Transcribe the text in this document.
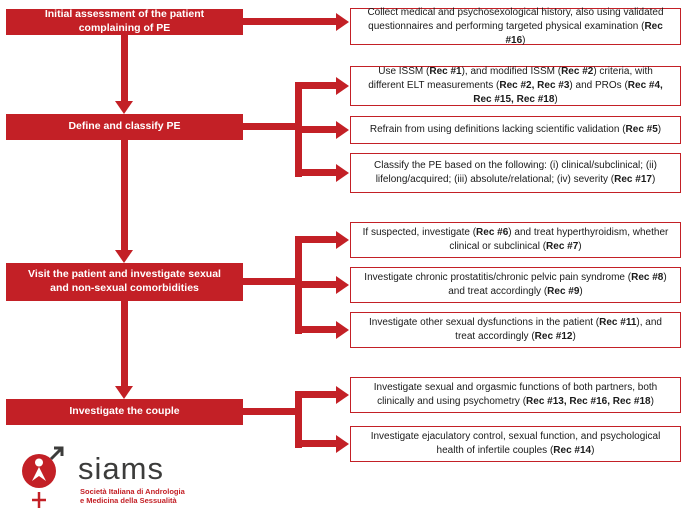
Initial assessment of the patient complaining of PE
Define and classify PE
Visit the patient and investigate sexual and non-sexual comorbidities
Investigate the couple
Collect medical and psychosexological history, also using validated questionnaires and performing targeted physical examination (Rec #16)
Use ISSM (Rec #1), and modified ISSM (Rec #2) criteria, with different ELT measurements (Rec #2, Rec #3) and PROs (Rec #4, Rec #15, Rec #18)
Refrain from using definitions lacking scientific validation (Rec #5)
Classify the PE based on the following: (i) clinical/subclinical; (ii) lifelong/acquired; (iii) absolute/relational; (iv) severity (Rec #17)
If suspected, investigate (Rec #6) and treat hyperthyroidism, whether clinical or subclinical (Rec #7)
Investigate chronic prostatitis/chronic pelvic pain syndrome (Rec #8) and treat accordingly (Rec #9)
Investigate other sexual dysfunctions in the patient (Rec #11), and treat accordingly (Rec #12)
Investigate sexual and orgasmic functions of both partners, both clinically and using psychometry (Rec #13, Rec #16, Rec #18)
Investigate ejaculatory control, sexual function, and psychological health of infertile couples (Rec #14)
siams
Società Italiana di Andrologia
e Medicina della Sessualità
